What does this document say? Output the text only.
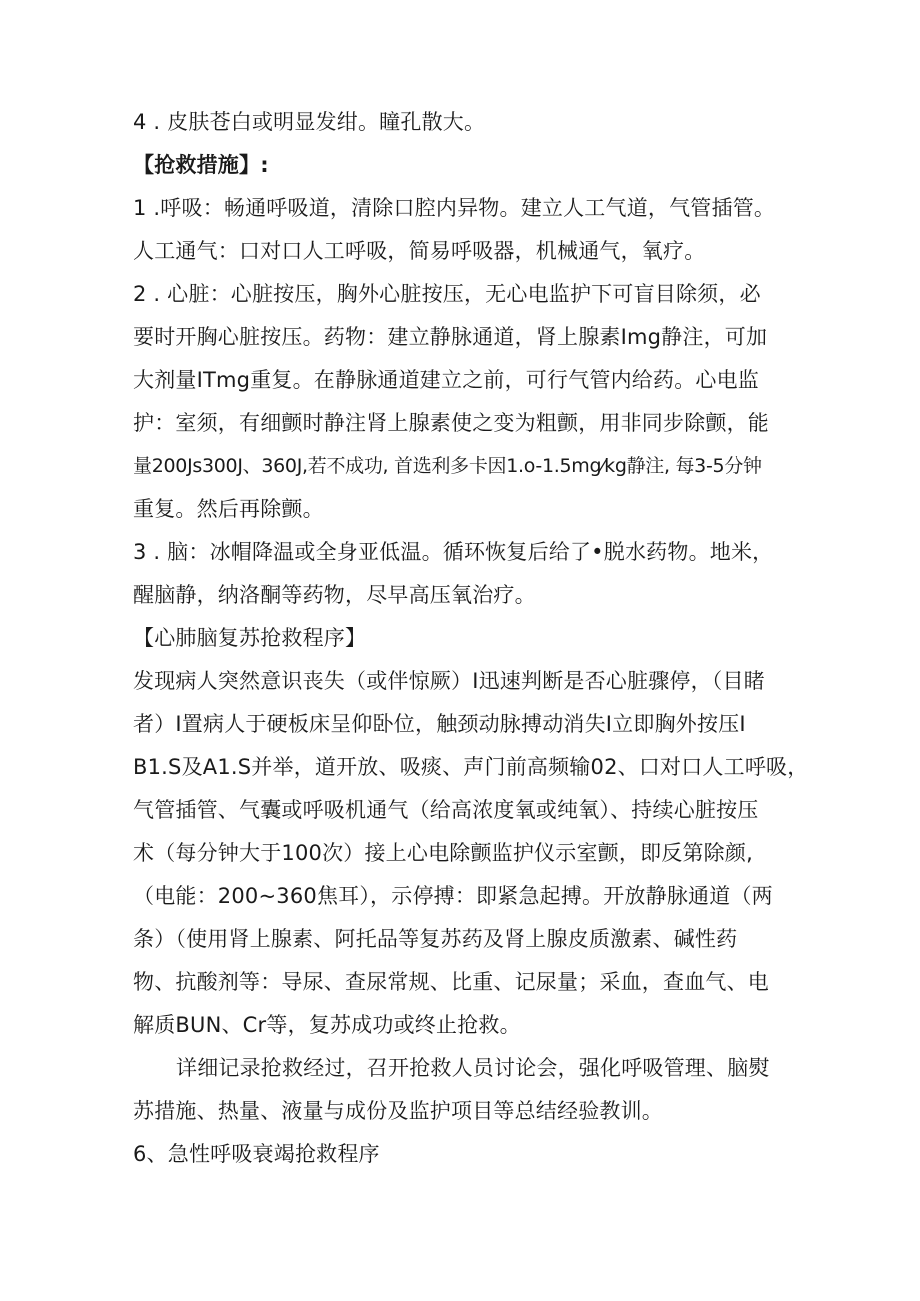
4 . 皮肤苍白或明显发绀。瞳孔散大。
【抢救措施】:
1 .呼吸：畅通呼吸道，清除口腔内异物。建立人工气道，气管插管。
人工通气：口对口人工呼吸，简易呼吸器，机械通气，氧疗。
2 . 心脏：心脏按压，胸外心脏按压，无心电监护下可盲目除须，必
要时开胸心脏按压。药物：建立静脉通道，肾上腺素Img静注，可加
大剂量ITmg重复。在静脉通道建立之前，可行气管内给药。心电监
护：室须，有细颤时静注肾上腺素使之变为粗颤，用非同步除颤，能
量200Js300J、360J,若不成功, 首选利多卡因1.o-1.5mg⁄kg静注, 每3-5分钟
重复。然后再除颤。
3 . 脑：冰帽降温或全身亚低温。循环恢复后给了•脱水药物。地米，
醒脑静，纳洛酮等药物，尽早高压氧治疗。
【心肺脑复苏抢救程序】
发现病人突然意识丧失（或伴惊厥）I迅速判断是否心脏骤停，（目睹
者）I置病人于硬板床呈仰卧位，触颈动脉搏动消失I立即胸外按压I
B1.S及A1.S并举，道开放、吸痰、声门前高频输02、口对口人工呼吸，
气管插管、气囊或呼吸机通气（给高浓度氧或纯氧）、持续心脏按压
术（每分钟大于100次）接上心电除颤监护仪示室颤，即反第除颜,
（电能：200~360焦耳），示停搏：即紧急起搏。开放静脉通道（两
条）（使用肾上腺素、阿托品等复苏药及肾上腺皮质激素、碱性药
物、抗酸剂等：导尿、查尿常规、比重、记尿量；采血，查血气、电
解质BUN、Cr等，复苏成功或终止抢救。
详细记录抢救经过，召开抢救人员讨论会，强化呼吸管理、脑熨
苏措施、热量、液量与成份及监护项目等总结经验教训。
6、急性呼吸衰竭抢救程序
